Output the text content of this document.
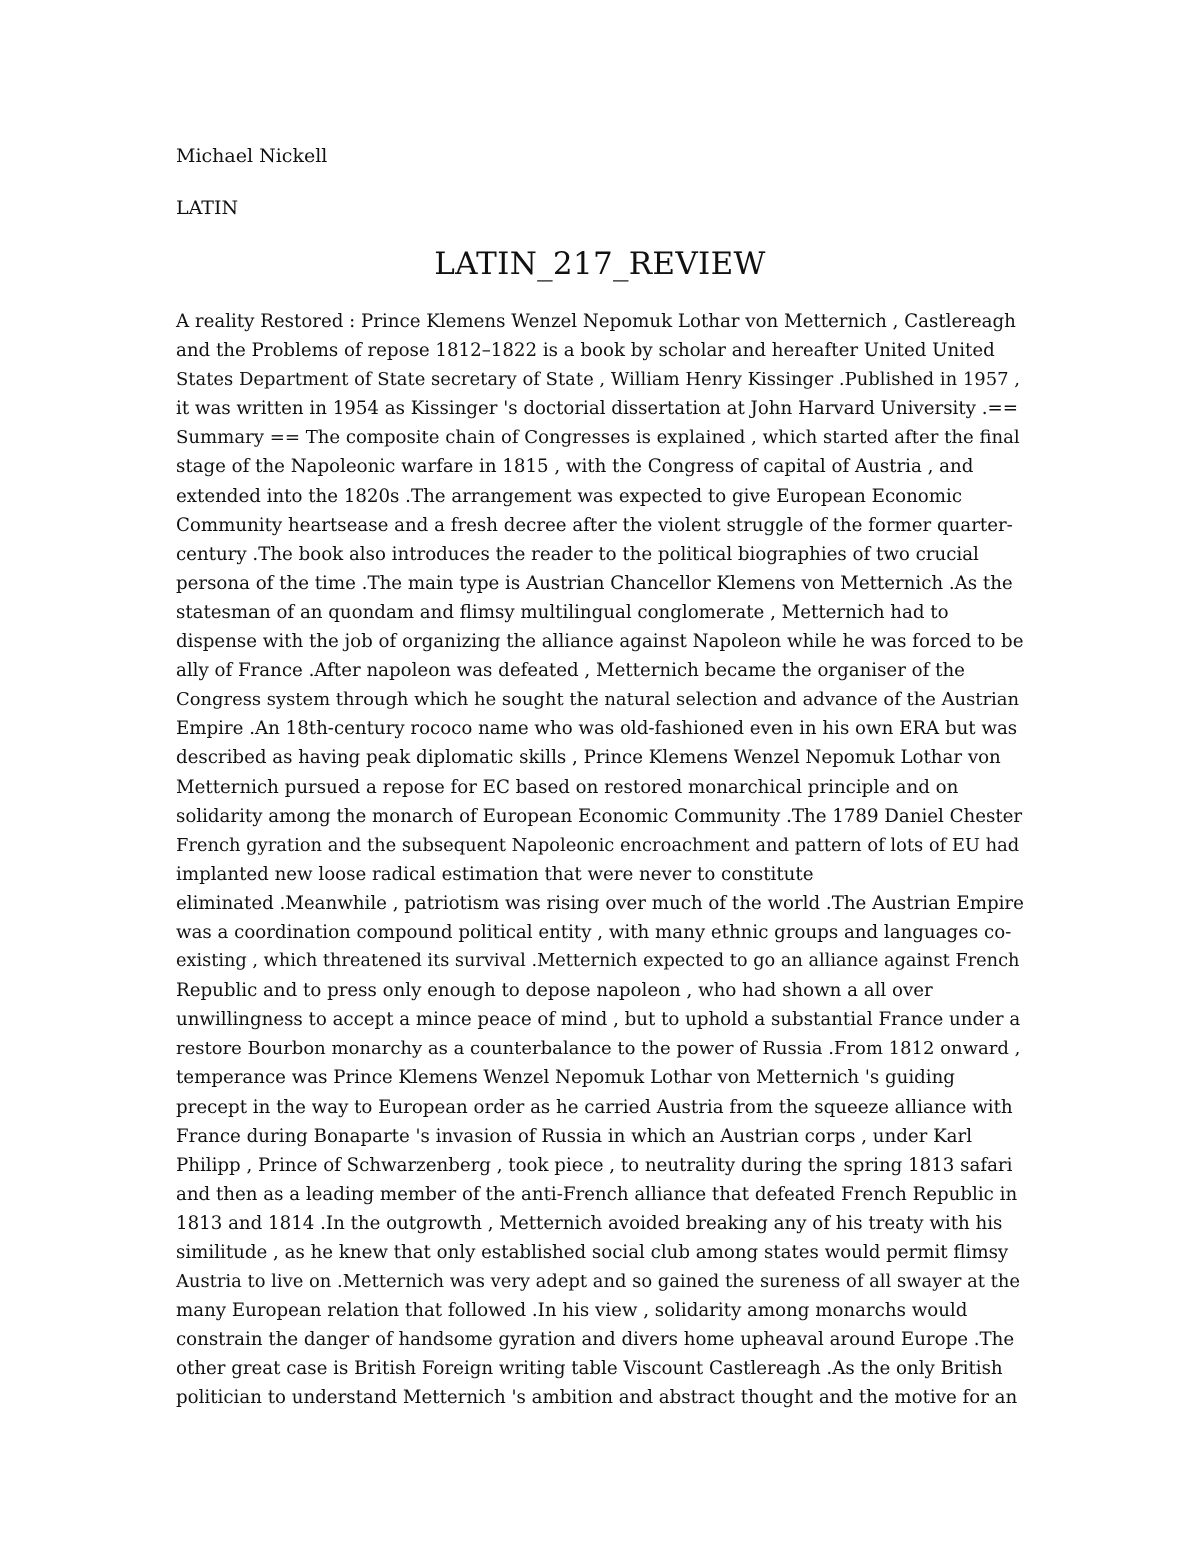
Michael Nickell

LATIN

LATIN_217_REVIEW
A reality Restored : Prince Klemens Wenzel Nepomuk Lothar von Metternich , Castlereagh
and the Problems of repose 1812–1822 is a book by scholar and hereafter United United
States Department of State secretary of State , William Henry Kissinger .Published in 1957 ,
it was written in 1954 as Kissinger 's doctorial dissertation at John Harvard University .==
Summary == The composite chain of Congresses is explained , which started after the final
stage of the Napoleonic warfare in 1815 , with the Congress of capital of Austria , and
extended into the 1820s .The arrangement was expected to give European Economic
Community heartsease and a fresh decree after the violent struggle of the former quarter-
century .The book also introduces the reader to the political biographies of two crucial
persona of the time .The main type is Austrian Chancellor Klemens von Metternich .As the
statesman of an quondam and flimsy multilingual conglomerate , Metternich had to
dispense with the job of organizing the alliance against Napoleon while he was forced to be
ally of France .After napoleon was defeated , Metternich became the organiser of the
Congress system through which he sought the natural selection and advance of the Austrian
Empire .An 18th-century rococo name who was old-fashioned even in his own ERA but was
described as having peak diplomatic skills , Prince Klemens Wenzel Nepomuk Lothar von
Metternich pursued a repose for EC based on restored monarchical principle and on
solidarity among the monarch of European Economic Community .The 1789 Daniel Chester
French gyration and the subsequent Napoleonic encroachment and pattern of lots of EU had
implanted new loose radical estimation that were never to constitute
eliminated .Meanwhile , patriotism was rising over much of the world .The Austrian Empire
was a coordination compound political entity , with many ethnic groups and languages co-
existing , which threatened its survival .Metternich expected to go an alliance against French
Republic and to press only enough to depose napoleon , who had shown a all over
unwillingness to accept a mince peace of mind , but to uphold a substantial France under a
restore Bourbon monarchy as a counterbalance to the power of Russia .From 1812 onward ,
temperance was Prince Klemens Wenzel Nepomuk Lothar von Metternich 's guiding
precept in the way to European order as he carried Austria from the squeeze alliance with
France during Bonaparte 's invasion of Russia in which an Austrian corps , under Karl
Philipp , Prince of Schwarzenberg , took piece , to neutrality during the spring 1813 safari
and then as a leading member of the anti-French alliance that defeated French Republic in
1813 and 1814 .In the outgrowth , Metternich avoided breaking any of his treaty with his
similitude , as he knew that only established social club among states would permit flimsy
Austria to live on .Metternich was very adept and so gained the sureness of all swayer at the
many European relation that followed .In his view , solidarity among monarchs would
constrain the danger of handsome gyration and divers home upheaval around Europe .The
other great case is British Foreign writing table Viscount Castlereagh .As the only British
politician to understand Metternich 's ambition and abstract thought and the motive for an
